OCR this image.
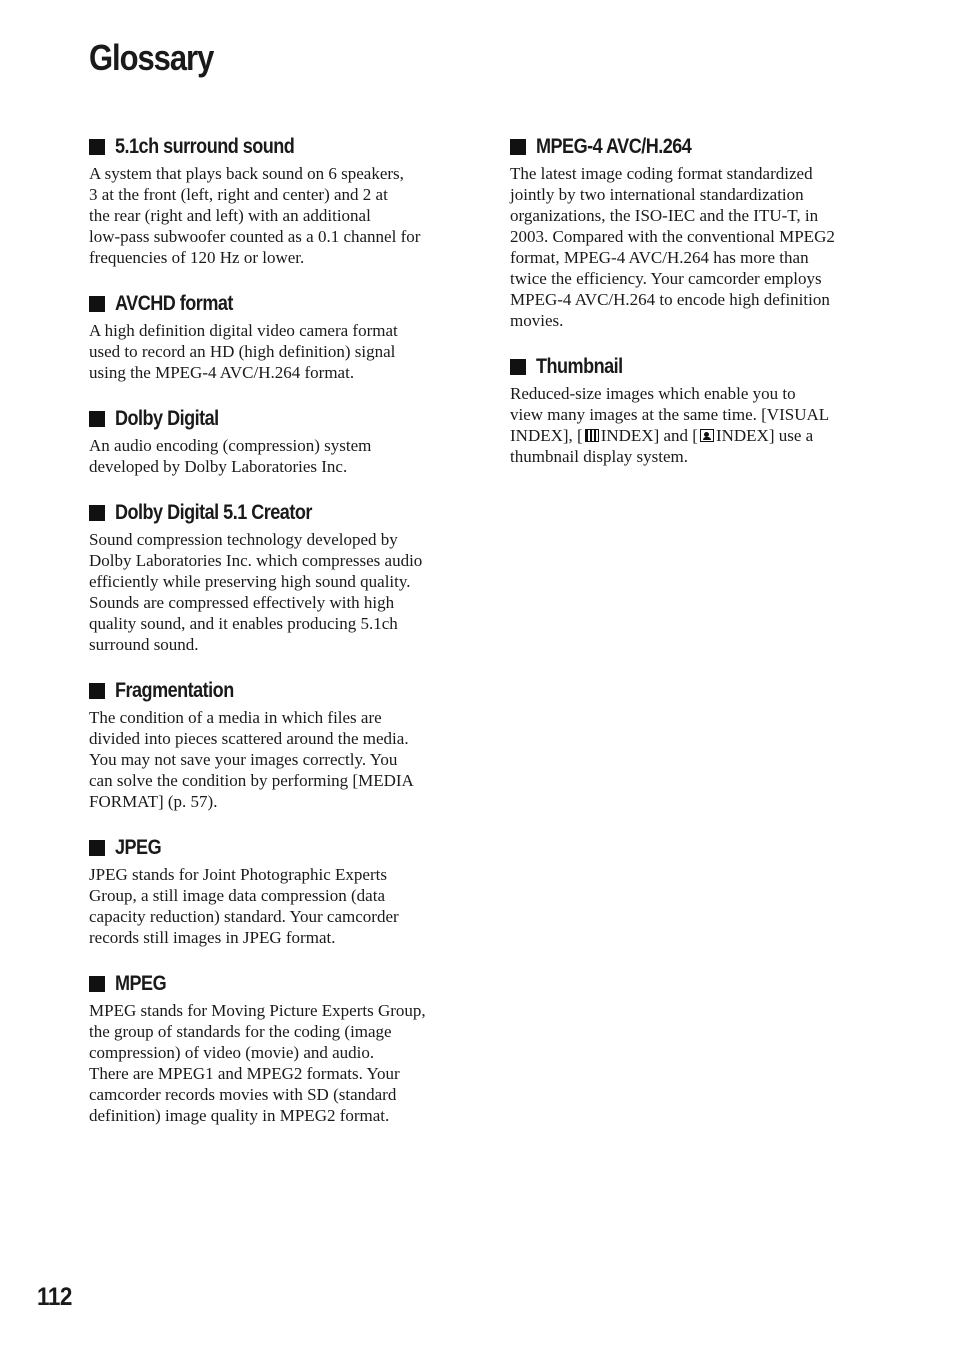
Glossary
5.1ch surround sound

A system that plays back sound on 6 speakers,
3 at the front (left, right and center) and 2 at
the rear (right and left) with an additional
low-pass subwoofer counted as a 0.1 channel for
frequencies of 120 Hz or lower.

AVCHD format

A high definition digital video camera format
used to record an HD (high definition) signal
using the MPEG-4 AVC/H.264 format.

Dolby Digital

An audio encoding (compression) system
developed by Dolby Laboratories Inc.

Dolby Digital 5.1 Creator

Sound compression technology developed by
Dolby Laboratories Inc. which compresses audio
efficiently while preserving high sound quality.
Sounds are compressed effectively with high
quality sound, and it enables producing 5.1ch
surround sound.

Fragmentation

The condition of a media in which files are
divided into pieces scattered around the media.
You may not save your images correctly. You
can solve the condition by performing [MEDIA
FORMAT] (p. 57).

JPEG

JPEG stands for Joint Photographic Experts
Group, a still image data compression (data
capacity reduction) standard. Your camcorder
records still images in JPEG format.

MPEG

MPEG stands for Moving Picture Experts Group,
the group of standards for the coding (image
compression) of video (movie) and audio.
There are MPEG1 and MPEG2 formats. Your
camcorder records movies with SD (standard
definition) image quality in MPEG2 format.

MPEG-4 AVC/H.264

The latest image coding format standardized
jointly by two international standardization
organizations, the ISO-IEC and the ITU-T, in
2003. Compared with the conventional MPEG2
format, MPEG-4 AVC/H.264 has more than
twice the efficiency. Your camcorder employs
MPEG-4 AVC/H.264 to encode high definition
movies.

Thumbnail

Reduced-size images which enable you to
view many images at the same time. [VISUAL
INDEX], [ INDEX] and [ INDEX] use a
thumbnail display system.

112
